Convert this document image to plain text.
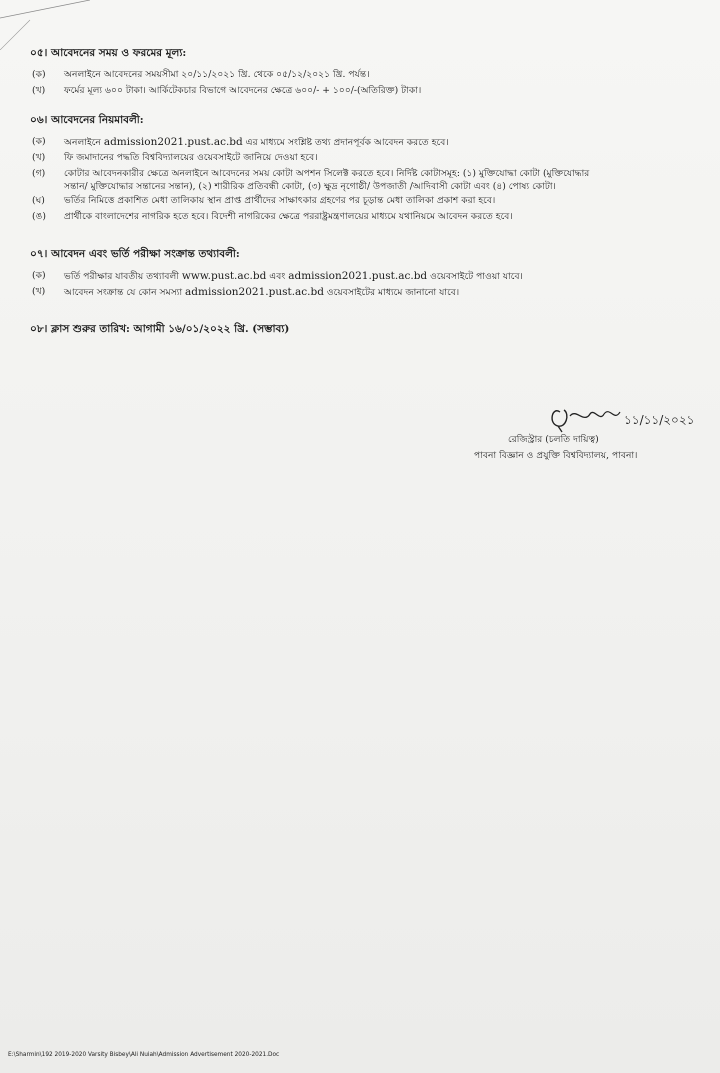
০৫। আবেদনের সময় ও ফরমের মূল্য:
(ক) অনলাইনে আবেদনের সময়সীমা ২০/১১/২০২১ খ্রি. থেকে ০৫/১২/২০২১ খ্রি. পর্যন্ত।
(খ) ফর্মের মূল্য ৬০০ টাকা। আর্কিটেকচার বিভাগে আবেদনের ক্ষেত্রে ৬০০/- + ১০০/-(অতিরিক্ত) টাকা।
০৬। আবেদনের নিয়মাবলী:
(ক) অনলাইনে admission2021.pust.ac.bd এর মাধ্যমে সংশ্লিষ্ট তথ্য প্রদানপূর্বক আবেদন করতে হবে।
(খ) ফি জমাদানের পদ্ধতি বিশ্ববিদ্যালয়ের ওয়েবসাইটে জানিয়ে দেওয়া হবে।
(গ) কোটার আবেদনকারীর ক্ষেত্রে অনলাইনে আবেদনের সময় কোটা অপশন সিলেক্ট করতে হবে। নির্দিষ্ট কোটাসমূহ: (১) মুক্তিযোদ্ধা কোটা (মুক্তিযোদ্ধার
সন্তান/ মুক্তিযোদ্ধার সন্তানের সন্তান), (২) শারীরিক প্রতিবন্ধী কোটা, (৩) ক্ষুদ্র নৃগোষ্ঠী/ উপজাতী /আদিবাসী কোটা এবং (৪) পোষ্য কোটা।
(ঘ) ভর্তির নিমিত্তে প্রকাশিত মেধা তালিকায় স্থান প্রাপ্ত প্রার্থীদের সাক্ষাৎকার গ্রহণের পর চূড়ান্ত মেধা তালিকা প্রকাশ করা হবে।
(ঙ) প্রার্থীকে বাংলাদেশের নাগরিক হতে হবে। বিদেশী নাগরিকের ক্ষেত্রে পররাষ্ট্রমন্ত্রণালয়ের মাধ্যমে যথানিয়মে আবেদন করতে হবে।
০৭। আবেদন এবং ভর্তি পরীক্ষা সংক্রান্ত তথ্যাবলী:
(ক) ভর্তি পরীক্ষার যাবতীয় তথ্যাবলী www.pust.ac.bd এবং admission2021.pust.ac.bd ওয়েবসাইটে পাওয়া যাবে।
(খ) আবেদন সংক্রান্ত যে কোন সমস্যা admission2021.pust.ac.bd ওয়েবসাইটের মাধ্যমে জানানো যাবে।
০৮। ক্লাস শুরুর তারিখ: আগামী ১৬/০১/২০২২ খ্রি. (সম্ভাব্য)
১১/১১/২০২১
রেজিস্ট্রার (চলতি দায়িত্ব)
পাবনা বিজ্ঞান ও প্রযুক্তি বিশ্ববিদ্যালয়, পাবনা।
E:\Sharmin\192 2019-2020 Varsity Bisbey\Ali Nuiah\Admission Advertisement 2020-2021.Doc
